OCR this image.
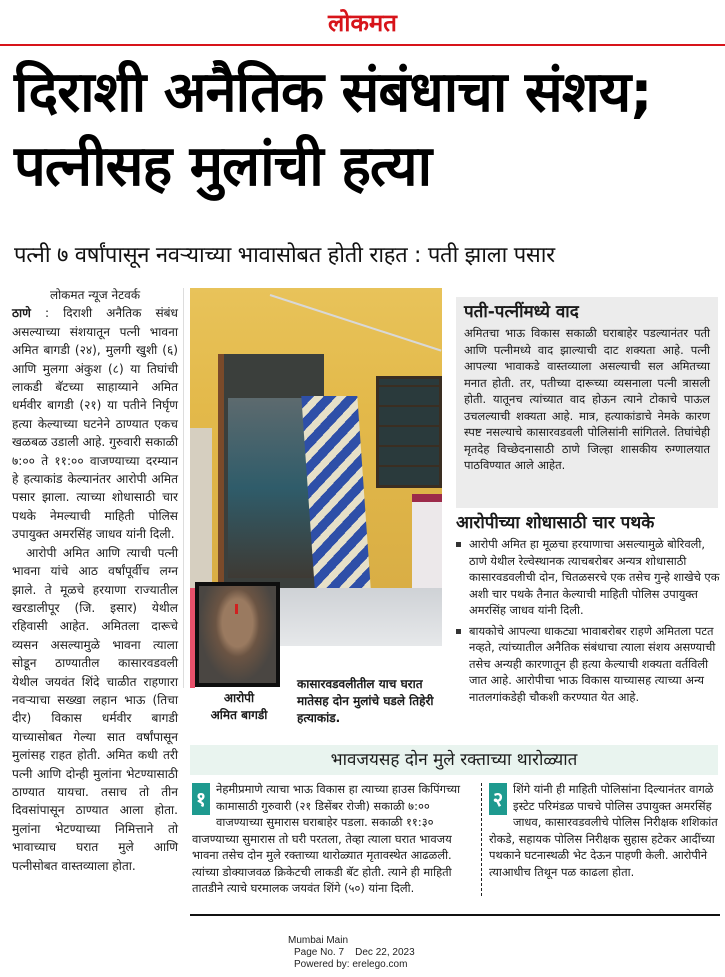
लोकमत
दिराशी अनैतिक संबंधाचा संशय; पत्नीसह मुलांची हत्या
पत्नी ७ वर्षांपासून नवऱ्याच्या भावासोबत होती राहत : पती झाला पसार
लोकमत न्यूज नेटवर्क
ठाणे : दिराशी अनैतिक संबंध असल्याच्या संशयातून पत्नी भावना अमित बागडी (२४), मुलगी खुशी (६) आणि मुलगा अंकुश (८) या तिघांची लाकडी बॅटच्या साहाय्याने अमित धर्मवीर बागडी (२१) या पतीने निर्घृण हत्या केल्याच्या घटनेने ठाण्यात एकच खळबळ उडाली आहे. गुरुवारी सकाळी ७:०० ते ११:०० वाजण्याच्या दरम्यान हे हत्याकांड केल्यानंतर आरोपी अमित पसार झाला. त्याच्या शोधासाठी चार पथके नेमल्याची माहिती पोलिस उपायुक्त अमरसिंह जाधव यांनी दिली.
आरोपी अमित आणि त्याची पत्नी भावना यांचे आठ वर्षांपूर्वीच लग्न झाले. ते मूळचे हरयाणा राज्यातील खरडालीपूर (जि. इसार) येथील रहिवासी आहेत. अमितला दारूचे व्यसन असल्यामुळे भावना त्याला सोडून ठाण्यातील कासारवडवली येथील जयवंत शिंदे चाळीत राहणारा नवऱ्याचा सख्खा लहान भाऊ (तिचा दीर) विकास धर्मवीर बागडी याच्यासोबत गेल्या सात वर्षांपासून मुलांसह राहत होती. अमित कधी तरी पत्नी आणि दोन्ही मुलांना भेटण्यासाठी ठाण्यात यायचा. तसाच तो तीन दिवसांपासून ठाण्यात आला होता. मुलांना भेटण्याच्या निमित्ताने तो भावाच्याच घरात मुले आणि पत्नीसोबत वास्तव्याला होता.
आरोपी
अमित बागडी
कासारवडवलीतील याच घरात मातेसह दोन मुलांचे घडले तिहेरी हत्याकांड.
पती-पत्नींमध्ये वाद

अमितचा भाऊ विकास सकाळी घराबाहेर पडल्यानंतर पती आणि पत्नीमध्ये वाद झाल्याची दाट शक्यता आहे. पत्नी आपल्या भावाकडे वास्तव्याला असल्याची सल अमितच्या मनात होती. तर, पतीच्या दारूच्या व्यसनाला पत्नी त्रासली होती. यातूनच त्यांच्यात वाद होऊन त्याने टोकाचे पाऊल उचलल्याची शक्यता आहे. मात्र, हत्याकांडाचे नेमके कारण स्पष्ट नसल्याचे कासारवडवली पोलिसांनी सांगितले. तिघांचेही मृतदेह विच्छेदनासाठी ठाणे जिल्हा शासकीय रुग्णालयात पाठविण्यात आले आहेत.

आरोपीच्या शोधासाठी चार पथके
आरोपी अमित हा मूळचा हरयाणाचा असल्यामुळे बोरिवली, ठाणे येथील रेल्वेस्थानक त्याचबरोबर अन्यत्र शोधासाठी कासारवडवलीची दोन, चितळसरचे एक तसेच गुन्हे शाखेचे एक अशी चार पथके तैनात केल्याची माहिती पोलिस उपायुक्त अमरसिंह जाधव यांनी दिली.
बायकोचे आपल्या धाकट्या भावाबरोबर राहणे अमितला पटत नव्हते, त्यांच्यातील अनैतिक संबंधाचा त्याला संशय असण्याची तसेच अन्यही कारणातून ही हत्या केल्याची शक्यता वर्तविली जात आहे. आरोपीचा भाऊ विकास याच्यासह त्याच्या अन्य नातलगांकडेही चौकशी करण्यात येत आहे.
भावजयसह दोन मुले रक्ताच्या थारोळ्यात
१ नेहमीप्रमाणे त्याचा भाऊ विकास हा त्याच्या हाउस किपिंगच्या कामासाठी गुरुवारी (२१ डिसेंबर रोजी) सकाळी ७:०० वाजण्याच्या सुमारास घराबाहेर पडला. सकाळी ११:३० वाजण्याच्या सुमारास तो घरी परतला, तेव्हा त्याला घरात भावजय भावना तसेच दोन मुले रक्ताच्या थारोळ्यात मृतावस्थेत आढळली. त्यांच्या डोक्याजवळ क्रिकेटची लाकडी बॅट होती. त्याने ही माहिती तातडीने त्याचे घरमालक जयवंत शिंगे (५०) यांना दिली.
२ शिंगे यांनी ही माहिती पोलिसांना दिल्यानंतर वागळे इस्टेट परिमंडळ पाचचे पोलिस उपायुक्त अमरसिंह जाधव, कासारवडवलीचे पोलिस निरीक्षक शशिकांत रोकडे, सहायक पोलिस निरीक्षक सुहास हटेकर आदींच्या पथकाने घटनास्थळी भेट देऊन पाहणी केली. आरोपीने त्याआधीच तिथून पळ काढला होता.
Mumbai Main
Page No. 7    Dec 22, 2023
Powered by: erelego.com
